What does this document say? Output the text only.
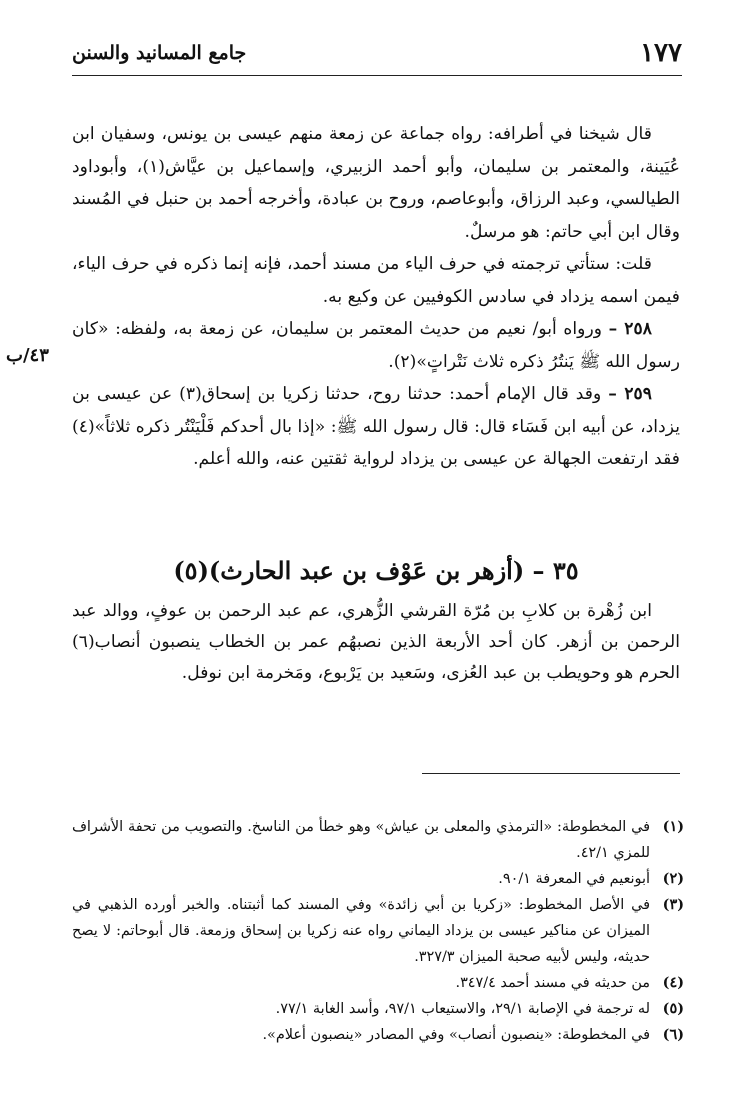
١٧٧
جامع المسانيد والسنن
٤٣/ب

قال شيخنا في أطرافه: رواه جماعة عن زمعة منهم عيسى بن يونس، وسفيان ابن عُيَينة، والمعتمر بن سليمان، وأبو أحمد الزبيري، وإسماعيل بن عيَّاش(١)، وأبوداود الطيالسي، وعبد الرزاق، وأبوعاصم، وروح بن عبادة، وأخرجه أحمد بن حنبل في المُسند وقال ابن أبي حاتم: هو مرسلٌ.

قلت: ستأتي ترجمته في حرف الياء من مسند أحمد، فإنه إنما ذكره في حرف الياء، فيمن اسمه يزداد في سادس الكوفيين عن وكيع به.

٢٥٨ – ورواه أبو/ نعيم من حديث المعتمر بن سليمان، عن زمعة به، ولفظه: «كان رسول الله ﷺ يَنتُرُ ذكره ثلاث نَتْراتٍ»(٢).

٢٥٩ – وقد قال الإمام أحمد: حدثنا روح، حدثنا زكريا بن إسحاق(٣) عن عيسى بن يزداد، عن أبيه ابن فَسَاء قال: قال رسول الله ﷺ: «إذا بال أحدكم فَلْيَنْتُر ذكره ثلاثاً»(٤) فقد ارتفعت الجهالة عن عيسى بن يزداد لرواية ثقتين عنه، والله أعلم.

٣٥ – (أزهر بن عَوْف بن عبد الحارث)(٥)

ابن زُهْرة بن كلابِ بن مُرّة القرشي الزُّهري، عم عبد الرحمن بن عوفٍ، ووالد عبد الرحمن بن أزهر. كان أحد الأربعة الذين نصبهُم عمر بن الخطاب ينصبون أنصاب(٦) الحرم هو وحويطب بن عبد العُزى، وسَعيد بن يَرْبوع، ومَخرمة ابن نوفل.

(١)
في المخطوطة: «الترمذي والمعلى بن عياش» وهو خطأ من الناسخ. والتصويب من تحفة الأشراف للمزي ٤٢/١.
(٢)
أبونعيم في المعرفة ٩٠/١.
(٣)
في الأصل المخطوط: «زكريا بن أبي زائدة» وفي المسند كما أثبتناه. والخبر أورده الذهبي في الميزان عن مناكير عيسى بن يزداد اليماني رواه عنه زكريا بن إسحاق وزمعة. قال أبوحاتم: لا يصح حديثه، وليس لأبيه صحبة الميزان ٣٢٧/٣.
(٤)
من حديثه في مسند أحمد ٣٤٧/٤.
(٥)
له ترجمة في الإصابة ٢٩/١، والاستيعاب ٩٧/١، وأسد الغابة ٧٧/١.
(٦)
في المخطوطة: «ينصبون أنصاب» وفي المصادر «ينصبون أعلام».
